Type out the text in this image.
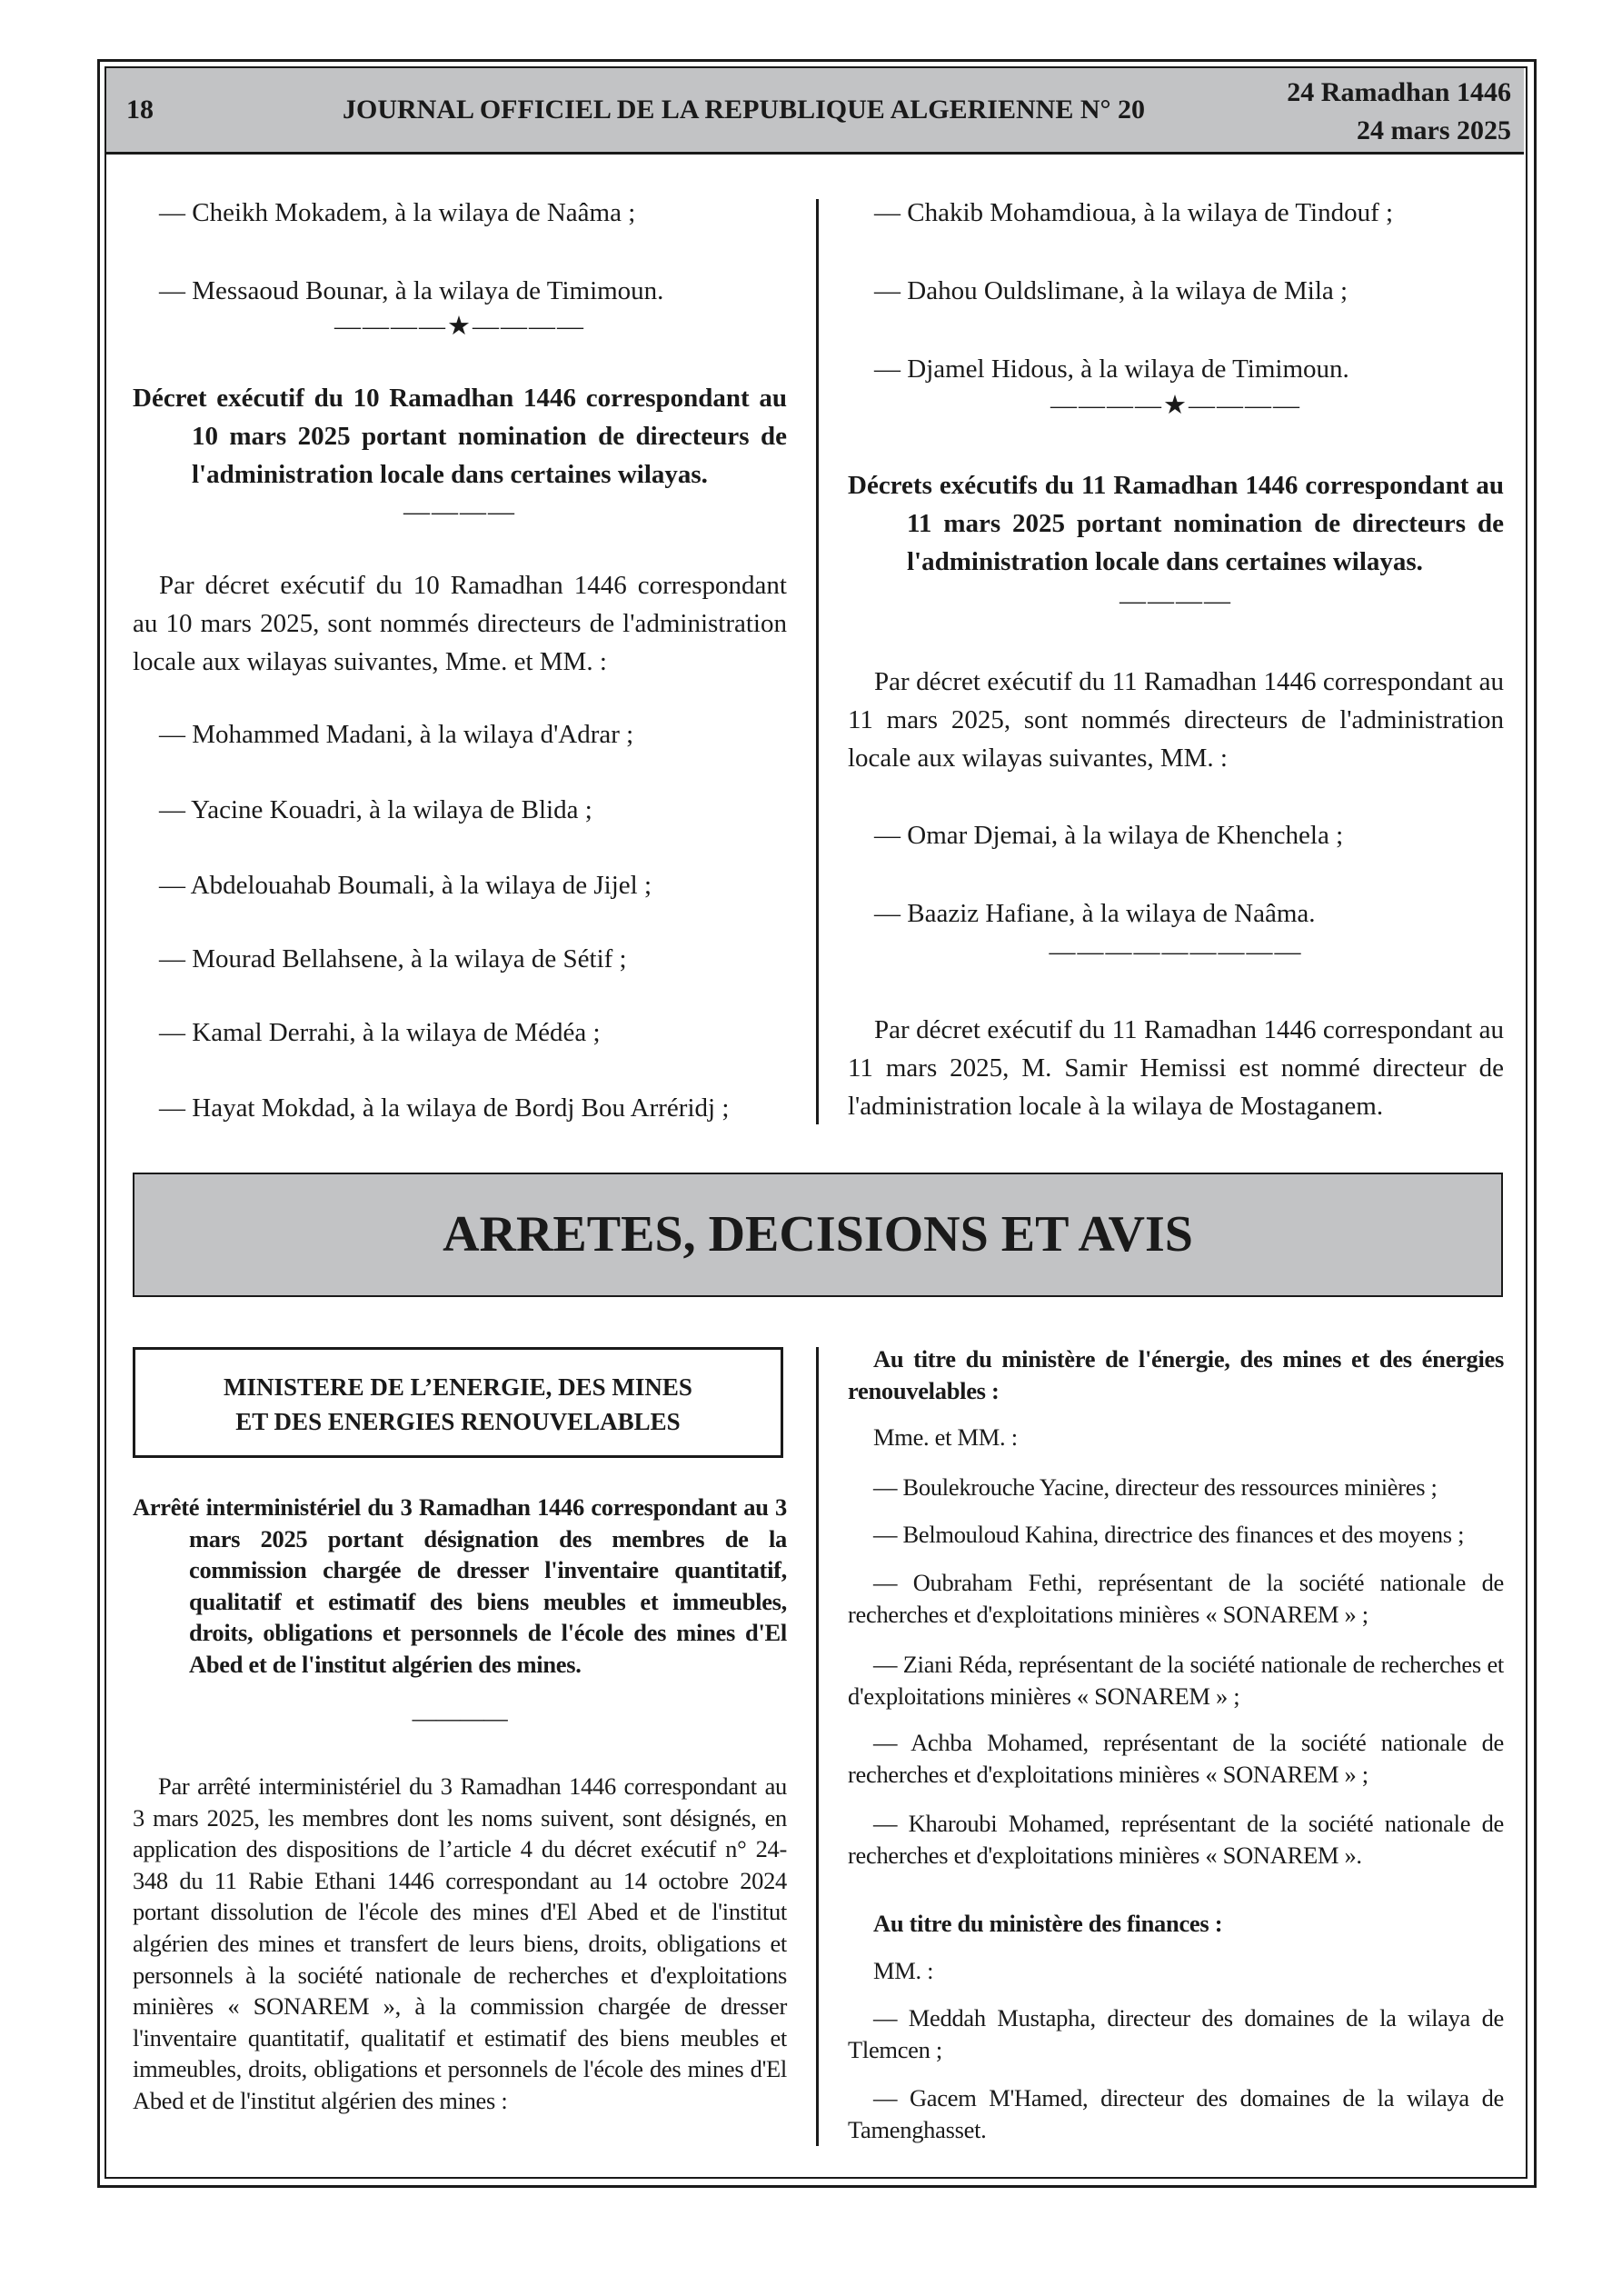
18	JOURNAL OFFICIEL DE LA REPUBLIQUE ALGERIENNE N° 20
24 Ramadhan 1446
24 mars 2025
— Cheikh Mokadem, à la wilaya de Naâma ;
— Messaoud Bounar, à la wilaya de Timimoun.
————★————
Décret exécutif du 10 Ramadhan 1446 correspondant au 10 mars 2025 portant nomination de directeurs de l'administration locale dans certaines wilayas.
————
Par décret exécutif du 10 Ramadhan 1446 correspondant au 10 mars 2025, sont nommés directeurs de l'administration locale aux wilayas suivantes, Mme. et MM. :
— Mohammed Madani, à la wilaya d'Adrar ;
— Yacine Kouadri, à la wilaya de Blida ;
— Abdelouahab Boumali, à la wilaya de Jijel ;
— Mourad Bellahsene, à la wilaya de Sétif ;
— Kamal Derrahi, à la wilaya de Médéa ;
— Hayat Mokdad, à la wilaya de Bordj Bou Arréridj ;
— Chakib Mohamdioua, à la wilaya de Tindouf ;
— Dahou Ouldslimane, à la wilaya de Mila ;
— Djamel Hidous, à la wilaya de Timimoun.
————★————
Décrets exécutifs du 11 Ramadhan 1446 correspondant au 11 mars 2025 portant nomination de directeurs de l'administration locale dans certaines wilayas.
————
Par décret exécutif du 11 Ramadhan 1446 correspondant au 11 mars 2025, sont nommés directeurs de l'administration locale aux wilayas suivantes, MM. :
— Omar Djemai, à la wilaya de Khenchela ;
— Baaziz Hafiane, à la wilaya de Naâma.
—————————
Par décret exécutif du 11 Ramadhan 1446 correspondant au 11 mars 2025, M. Samir Hemissi est nommé directeur de l'administration locale à la wilaya de Mostaganem.
ARRETES, DECISIONS ET AVIS
MINISTERE DE L’ENERGIE, DES MINES
ET DES ENERGIES RENOUVELABLES
Arrêté interministériel du 3 Ramadhan 1446 correspondant au 3 mars 2025 portant désignation des membres de la commission chargée de dresser l'inventaire quantitatif, qualitatif et estimatif des biens meubles et immeubles, droits, obligations et personnels de l'école des mines d'El Abed et de l'institut algérien des mines.
————
Par arrêté interministériel du 3 Ramadhan 1446 correspondant au 3 mars 2025, les membres dont les noms suivent, sont désignés, en application des dispositions de l’article 4 du décret exécutif n° 24-348 du 11 Rabie Ethani 1446 correspondant au 14 octobre 2024 portant dissolution de l'école des mines d'El Abed et de l'institut algérien des mines et transfert de leurs biens, droits, obligations et personnels à la société nationale de recherches et d'exploitations minières « SONAREM », à la commission chargée de dresser l'inventaire quantitatif, qualitatif et estimatif des biens meubles et immeubles, droits, obligations et personnels de l'école des mines d'El Abed et de l'institut algérien des mines :
Au titre du ministère de l'énergie, des mines et des énergies renouvelables :
Mme. et MM. :
— Boulekrouche Yacine, directeur des ressources minières ;
— Belmouloud Kahina, directrice des finances et des moyens ;
— Oubraham Fethi, représentant de la société nationale de recherches et d'exploitations minières « SONAREM » ;
— Ziani Réda, représentant de la société nationale de recherches et d'exploitations minières « SONAREM » ;
— Achba Mohamed, représentant de la société nationale de recherches et d'exploitations minières « SONAREM » ;
— Kharoubi Mohamed, représentant de la société nationale de recherches et d'exploitations minières « SONAREM ».
Au titre du ministère des finances :
MM. :
— Meddah Mustapha, directeur des domaines de la wilaya de Tlemcen ;
— Gacem M'Hamed, directeur des domaines de la wilaya de Tamenghasset.
